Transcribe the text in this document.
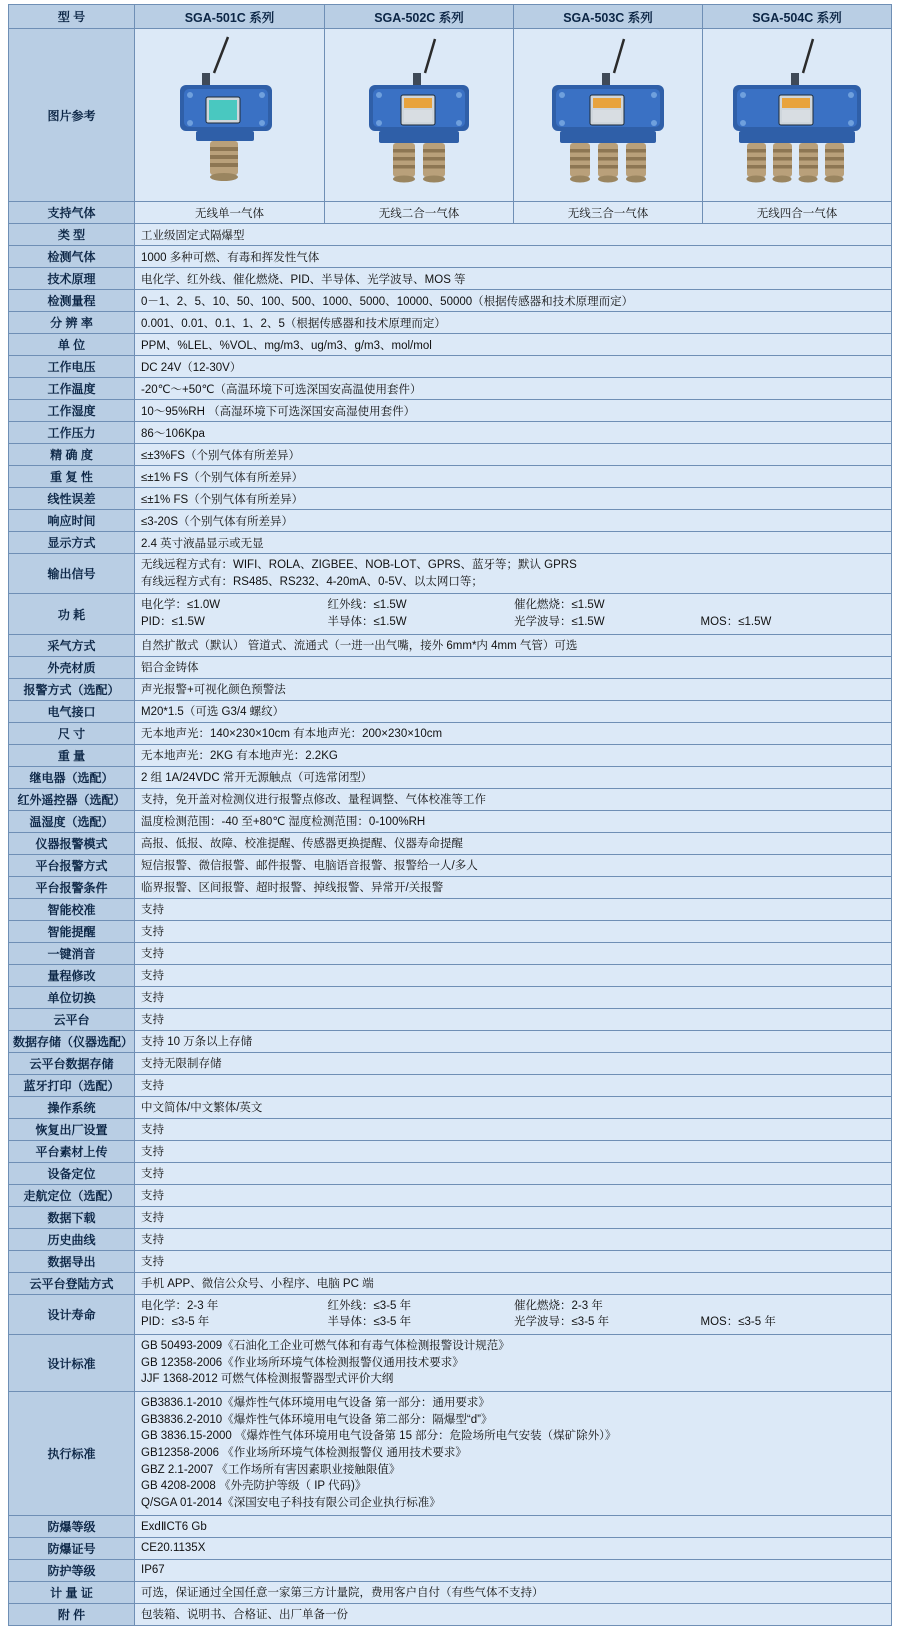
型 号	SGA-501C 系列	SGA-502C 系列	SGA-503C 系列	SGA-504C 系列
图片参考	

支持气体	无线单一气体	无线二合一气体	无线三合一气体	无线四合一气体
类 型	工业级固定式隔爆型			
检测气体	1000 多种可燃、有毒和挥发性气体			
技术原理	电化学、红外线、催化燃烧、PID、半导体、光学波导、MOS 等			
检测量程	0－1、2、5、10、50、100、500、1000、5000、10000、50000（根据传感器和技术原理而定）			
分 辨 率	0.001、0.01、0.1、1、2、5（根据传感器和技术原理而定）			
单 位	PPM、%LEL、%VOL、mg/m3、ug/m3、g/m3、mol/mol			
工作电压	DC 24V（12-30V）			
工作温度	-20℃～+50℃（高温环境下可选深国安高温使用套件）			
工作湿度	10～95%RH （高湿环境下可选深国安高湿使用套件）			
工作压力	86～106Kpa			
精 确 度	≤±3%FS（个别气体有所差异）			
重 复 性	≤±1% FS（个别气体有所差异）			
线性误差	≤±1% FS（个别气体有所差异）			
响应时间	≤3-20S（个别气体有所差异）			
显示方式	2.4 英寸液晶显示或无显			
输出信号	无线远程方式有：WIFI、ROLA、ZIGBEE、NOB-LOT、GPRS、蓝牙等；默认 GPRS
有线远程方式有：RS485、RS232、4-20mA、0-5V、以太网口等；			

功 耗	
电化学：≤1.0W	红外线：≤1.5W	催化燃烧：≤1.5W
PID：≤1.5W	半导体：≤1.5W	光学波导：≤1.5W	MOS：≤1.5W

采气方式	自然扩散式（默认） 管道式、流通式（一进一出气嘴，接外 6mm*内 4mm 气管）可选			
外壳材质	铝合金铸体			
报警方式（选配）	声光报警+可视化颜色预警法			
电气接口	M20*1.5（可选 G3/4 螺纹）			
尺 寸	无本地声光：140×230×10cm 有本地声光：200×230×10cm			
重 量	无本地声光：2KG 有本地声光：2.2KG			
继电器（选配）	2 组 1A/24VDC 常开无源触点（可选常闭型）			
红外遥控器（选配）	支持，免开盖对检测仪进行报警点修改、量程调整、气体校准等工作			
温湿度（选配）	温度检测范围：-40 至+80℃ 湿度检测范围：0-100%RH			
仪器报警模式	高报、低报、故障、校准提醒、传感器更换提醒、仪器寿命提醒			
平台报警方式	短信报警、微信报警、邮件报警、电脑语音报警、报警给一人/多人			
平台报警条件	临界报警、区间报警、超时报警、掉线报警、异常开/关报警			
智能校准	支持			
智能提醒	支持			
一键消音	支持			
量程修改	支持			
单位切换	支持			
云平台	支持			
数据存储（仪器选配）	支持 10 万条以上存储			
云平台数据存储	支持无限制存储			
蓝牙打印（选配）	支持			
操作系统	中文简体/中文繁体/英文			
恢复出厂设置	支持			
平台素材上传	支持			
设备定位	支持			
走航定位（选配）	支持			
数据下载	支持			
历史曲线	支持			
数据导出	支持			
云平台登陆方式	手机 APP、微信公众号、小程序、电脑 PC 端			
设计寿命	
电化学：2-3 年	红外线：≤3-5 年	催化燃烧：2-3 年
PID：≤3-5 年	半导体：≤3-5 年	光学波导：≤3-5 年	MOS：≤3-5 年

设计标准	GB 50493-2009《石油化工企业可燃气体和有毒气体检测报警设计规范》
GB 12358-2006《作业场所环境气体检测报警仪通用技术要求》
JJF 1368-2012 可燃气体检测报警器型式评价大纲			

执行标准	
GB3836.1-2010《爆炸性气体环境用电气设备 第一部分：通用要求》
GB3836.2-2010《爆炸性气体环境用电气设备 第二部分：隔爆型“d”》
GB 3836.15-2000 《爆炸性气体环境用电气设备第 15 部分：危险场所电气安装（煤矿除外）》
GB12358-2006 《作业场所环境气体检测报警仪 通用技术要求》
GBZ 2.1-2007 《工作场所有害因素职业接触限值》
GB 4208-2008 《外壳防护等级（ IP 代码)》
Q/SGA 01-2014《深国安电子科技有限公司企业执行标准》

防爆等级	ExdⅡCT6 Gb			
防爆证号	CE20.1135X			
防护等级	IP67			
计 量 证	可选，保证通过全国任意一家第三方计量院，费用客户自付（有些气体不支持）			
附 件	包装箱、说明书、合格证、出厂单备一份			
